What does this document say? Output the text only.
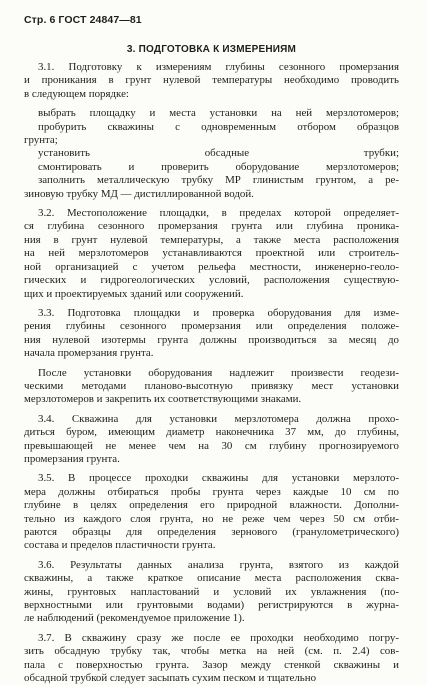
Стр. 6 ГОСТ 24847—81
3. ПОДГОТОВКА К ИЗМЕРЕНИЯМ
3.1. Подготовку к измерениям глубины сезонного промерзания
и проникания в грунт нулевой температуры необходимо проводить
в следующем порядке:
выбрать площадку и места установки на ней мерзлотомеров;
пробурить скважины с одновременным отбором образцов
грунта;
установить обсадные трубки;
смонтировать и проверить оборудование мерзлотомеров;
заполнить металлическую трубку МР глинистым грунтом, а ре-
зиновую трубку МД — дистиллированной водой.
3.2. Местоположение площадки, в пределах которой определяет-
ся глубина сезонного промерзания грунта или глубина проника-
ния в грунт нулевой температуры, а также места расположения
на ней мерзлотомеров устанавливаются проектной или строитель-
ной организацией с учетом рельефа местности, инженерно-геоло-
гических и гидрогеологических условий, расположения существую-
щих и проектируемых зданий или сооружений.
3.3. Подготовка площадки и проверка оборудования для изме-
рения глубины сезонного промерзания или определения положе-
ния нулевой изотермы грунта должны производиться за месяц до
начала промерзания грунта.
После установки оборудования надлежит произвести геодези-
ческими методами планово-высотную привязку мест установки
мерзлотомеров и закрепить их соответствующими знаками.
3.4. Скважина для установки мерзлотомера должна прохо-
диться буром, имеющим диаметр наконечника 37 мм, до глубины,
превышающей не менее чем на 30 см глубину прогнозируемого
промерзания грунта.
3.5. В процессе проходки скважины для установки мерзлото-
мера должны отбираться пробы грунта через каждые 10 см по
глубине в целях определения его природной влажности. Дополни-
тельно из каждого слоя грунта, но не реже чем через 50 см отби-
раются образцы для определения зернового (гранулометрического)
состава и пределов пластичности грунта.
3.6. Результаты данных анализа грунта, взятого из каждой
скважины, а также краткое описание места расположения сква-
жины, грунтовых напластований и условий их увлажнения (по-
верхностными или грунтовыми водами) регистрируются в журна-
ле наблюдений (рекомендуемое приложение 1).
3.7. В скважину сразу же после ее проходки необходимо погру-
зить обсадную трубку так, чтобы метка на ней (см. п. 2.4) сов-
пала с поверхностью грунта. Зазор между стенкой скважины и
обсадной трубкой следует засыпать сухим песком и тщательно
